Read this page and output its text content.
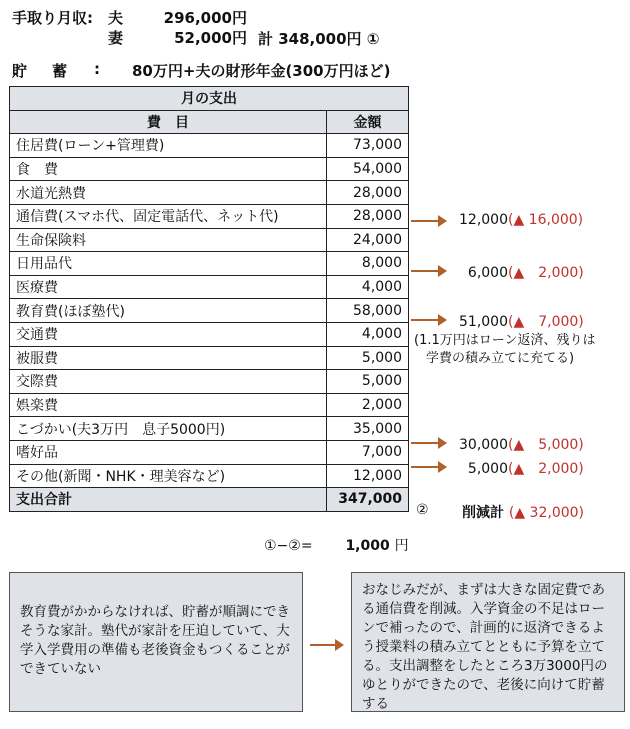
手取り月収:	夫	296,000円
妻	52,000円 計 348,000円 ①
貯 蓄 : 80万円+夫の財形年金(300万円ほど)
月の支出	
費　目	金額
住居費(ローン+管理費)	73,000
食　費	54,000
水道光熱費	28,000
通信費(スマホ代、固定電話代、ネット代)	28,000
生命保険料	24,000
日用品代	8,000
医療費	4,000
教育費(ほぼ塾代)	58,000
交通費	4,000
被服費	5,000
交際費	5,000
娯楽費	2,000
こづかい(夫3万円　息子5000円)	35,000
嗜好品	7,000
その他(新聞・NHK・理美容など)	12,000
支出合計	347,000
12,000(▲ 16,000)
6,000(▲　2,000)
51,000(▲　7,000)
30,000(▲　5,000)
5,000(▲　2,000)
(1.1万円はローン返済、残りは
学費の積み立てに充てる)
② 削減計 (▲ 32,000)
①−②= 1,000 円
教育費がかからなければ、貯蓄が順調にできそうな家計。塾代が家計を圧迫していて、大学入学費用の準備も老後資金もつくることができていない
おなじみだが、まずは大きな固定費である通信費を削減。入学資金の不足はローンで補ったので、計画的に返済できるよう授業料の積み立てとともに予算を立てる。支出調整をしたところ3万3000円のゆとりができたので、老後に向けて貯蓄する
